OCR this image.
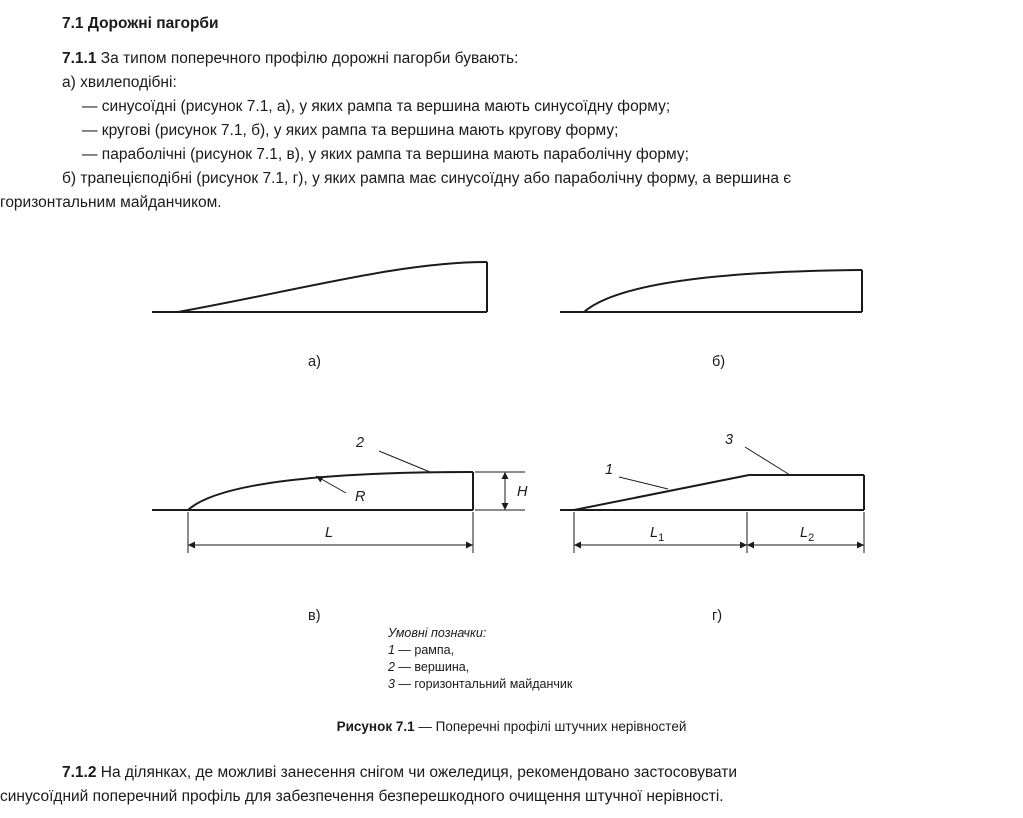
7.1 Дорожні пагорби
7.1.1 За типом поперечного профілю дорожні пагорби бувають:
а) хвилеподібні:
— синусоїдні (рисунок 7.1, а), у яких рампа та вершина мають синусоїдну форму;
— кругові (рисунок 7.1, б), у яких рампа та вершина мають кругову форму;
— параболічні (рисунок 7.1, в), у яких рампа та вершина мають параболічну форму;
б) трапецієподібні (рисунок 7.1, г), у яких рампа має синусоїдну або параболічну форму, а вершина є
горизонтальним майданчиком.
а)	б)
в)	г)
2
R	H
L
1
3
$L_1$	$L_2$
Умовні позначки:
1 — рампа,
2 — вершина,
3 — горизонтальний майданчик
Рисунок 7.1 — Поперечні профілі штучних нерівностей
7.1.2 На ділянках, де можливі занесення снігом чи ожеледиця, рекомендовано застосовувати
синусоїдний поперечний профіль для забезпечення безперешкодного очищення штучної нерівності.
